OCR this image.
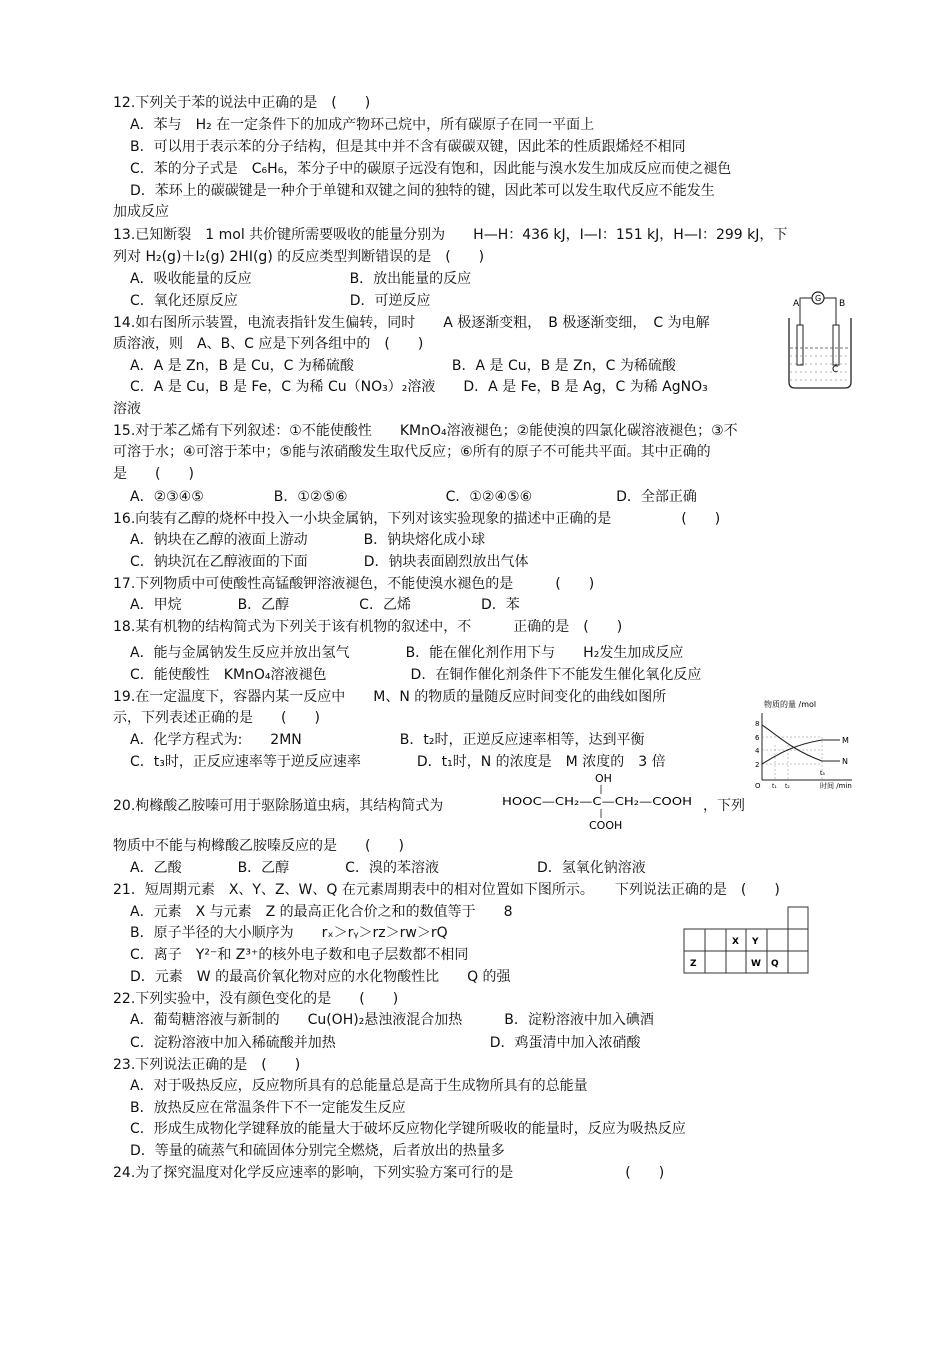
12.下列关于苯的说法中正确的是　(　　)
A．苯与　H₂ 在一定条件下的加成产物环己烷中，所有碳原子在同一平面上
B．可以用于表示苯的分子结构，但是其中并不含有碳碳双键，因此苯的性质跟烯烃不相同
C．苯的分子式是　C₆H₆，苯分子中的碳原子远没有饱和，因此能与溴水发生加成反应而使之褪色
D．苯环上的碳碳键是一种介于单键和双键之间的独特的键，因此苯可以发生取代反应不能发生
加成反应
13.已知断裂　1 mol 共价键所需要吸收的能量分别为　　H—H：436 kJ，I—I：151 kJ，H—I：299 kJ，下
列对 H₂(g)＋I₂(g) 2HI(g) 的反应类型判断错误的是　(　　)
A．吸收能量的反应　　　　　　　B．放出能量的反应
C．氧化还原反应　　　　　　　　D．可逆反应
14.如右图所示装置，电流表指针发生偏转，同时　　A 极逐渐变粗，　B 极逐渐变细，　C 为电解
质溶液，则　A、B、C 应是下列各组中的　(　　)
A．A 是 Zn，B 是 Cu，C 为稀硫酸　　　　　　　B．A 是 Cu，B 是 Zn，C 为稀硫酸
C．A 是 Cu，B 是 Fe，C 为稀 Cu（NO₃）₂溶液　　D．A 是 Fe，B 是 Ag，C 为稀 AgNO₃
溶液
15.对于苯乙烯有下列叙述：①不能使酸性　　KMnO₄溶液褪色；②能使溴的四氯化碳溶液褪色；③不
可溶于水；④可溶于苯中；⑤能与浓硝酸发生取代反应；⑥所有的原子不可能共平面。其中正确的
是　　(　　)
A．②③④⑤　　　　　B．①②⑤⑥　　　　　　　C．①②④⑤⑥　　　　　　D．全部正确
16.向装有乙醇的烧杯中投入一小块金属钠，下列对该实验现象的描述中正确的是　　　　　(　　)
A．钠块在乙醇的液面上游动　　　　B．钠块熔化成小球
C．钠块沉在乙醇液面的下面　　　　D．钠块表面剧烈放出气体
17.下列物质中可使酸性高锰酸钾溶液褪色，不能使溴水褪色的是　　　(　　)
A．甲烷　　　　B．乙醇　　　　　C．乙烯　　　　　D．苯
18.某有机物的结构简式为下列关于该有机物的叙述中，不　　　正确的是　(　　)
A．能与金属钠发生反应并放出氢气　　　　B．能在催化剂作用下与　　H₂发生加成反应
C．能使酸性　KMnO₄溶液褪色　　　　　　D．在铜作催化剂条件下不能发生催化氧化反应
19.在一定温度下，容器内某一反应中　　M、N 的物质的量随反应时间变化的曲线如图所
示，下列表述正确的是　　(　　)
A．化学方程式为:　　2MN　　　　　　　B．t₂时，正逆反应速率相等，达到平衡
C．t₃时，正反应速率等于逆反应速率　　　　D．t₁时，N 的浓度是　M 浓度的　3 倍
20.枸橼酸乙胺嗪可用于驱除肠道虫病，其结构简式为	，下列
物质中不能与枸橼酸乙胺嗪反应的是　　(　　)
A．乙酸　　　　B．乙醇　　　　C．溴的苯溶液　　　　　　　D．氢氧化钠溶液
21．短周期元素　X、Y、Z、W、Q 在元素周期表中的相对位置如下图所示。　　下列说法正确的是　(　　)
A．元素　X 与元素　Z 的最高正化合价之和的数值等于　　8
B．原子半径的大小顺序为　　rₓ＞rᵧ＞rᴢ＞rᴡ＞rQ
C．离子　Y²⁻和 Z³⁺的核外电子数和电子层数都不相同
D．元素　W 的最高价氧化物对应的水化物酸性比　　Q 的强
22.下列实验中，没有颜色变化的是　　(　　)
A．葡萄糖溶液与新制的　　Cu(OH)₂悬浊液混合加热　　　B．淀粉溶液中加入碘酒
C．淀粉溶液中加入稀硫酸并加热　　　　　　　　　　　D．鸡蛋清中加入浓硝酸
23.下列说法正确的是　(　　)
A．对于吸热反应，反应物所具有的总能量总是高于生成物所具有的总能量
B．放热反应在常温条件下不一定能发生反应
C．形成生成物化学键释放的能量大于破坏反应物化学键所吸收的能量时，反应为吸热反应
D．等量的硫蒸气和硫固体分别完全燃烧，后者放出的热量多
24.为了探究温度对化学反应速率的影响，下列实验方案可行的是　　　　　　　　(　　)
A
G
B
C
物质的量 /mol
O
8
6
4
2
M
N
t₁ t₂
t₃
时间 /min
OH
HOOC—CH₂—C—CH₂—COOH
COOH
X Y
Z	W Q
